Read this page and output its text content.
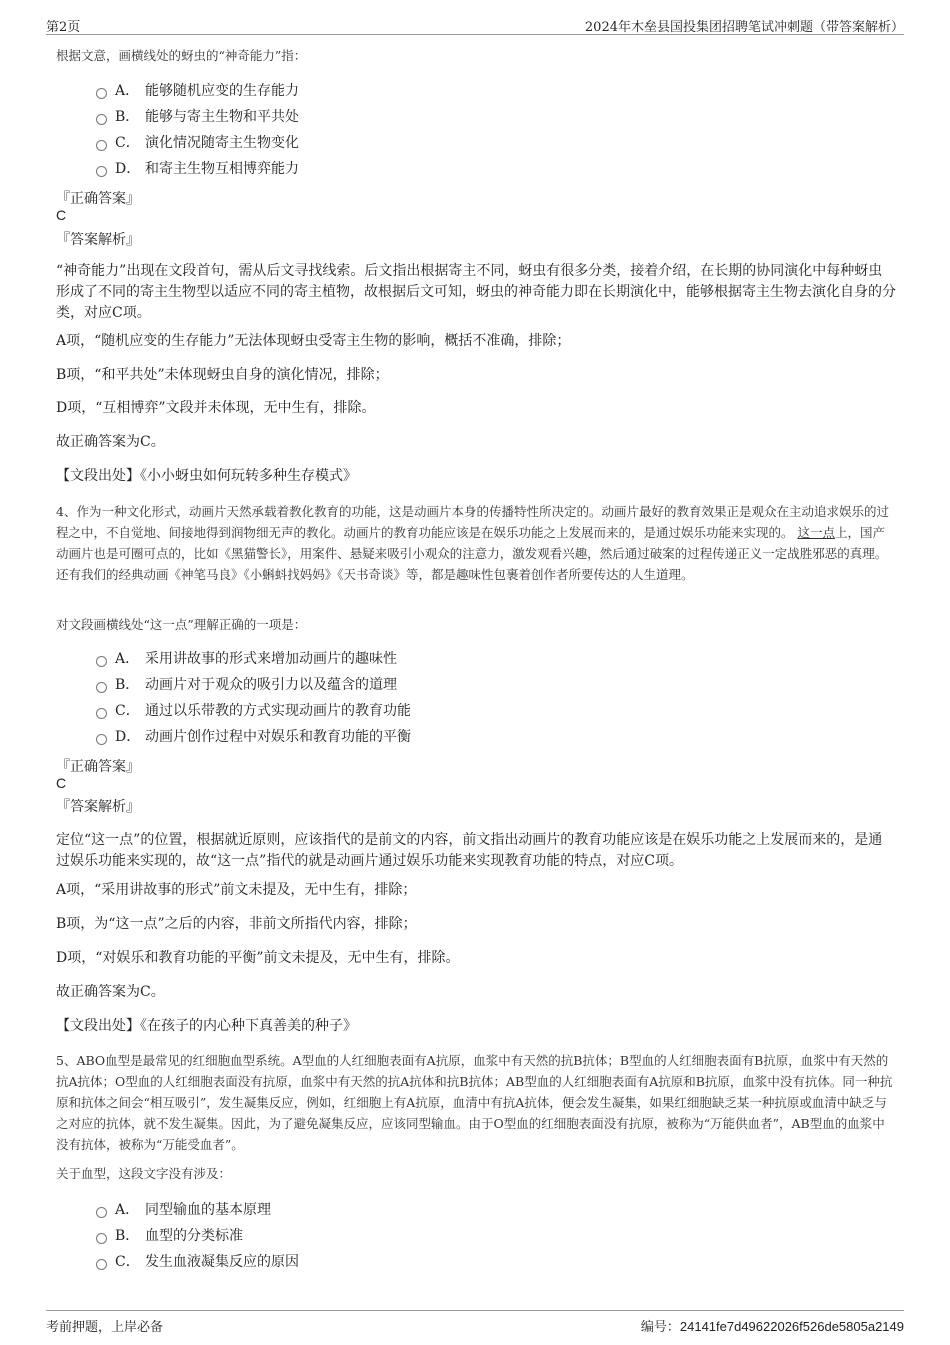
第2页	2024年木垒县国投集团招聘笔试冲刺题（带答案解析）
根据文意，画横线处的蚜虫的“神奇能力”指：
A． 能够随机应变的生存能力
B． 能够与寄主生物和平共处
C． 演化情况随寄主生物变化
D． 和寄主生物互相博弈能力
『正确答案』
C
『答案解析』
“神奇能力”出现在文段首句，需从后文寻找线索。后文指出根据寄主不同，蚜虫有很多分类，接着介绍，在长期的协同演化中每种蚜虫形成了不同的寄主生物型以适应不同的寄主植物，故根据后文可知，蚜虫的神奇能力即在长期演化中，能够根据寄主生物去演化自身的分类，对应C项。
A项，“随机应变的生存能力”无法体现蚜虫受寄主生物的影响，概括不准确，排除；
B项，“和平共处”未体现蚜虫自身的演化情况，排除；
D项，“互相博弈”文段并未体现，无中生有，排除。
故正确答案为C。
【文段出处】《小小蚜虫如何玩转多种生存模式》
4、作为一种文化形式，动画片天然承载着教化教育的功能，这是动画片本身的传播特性所决定的。动画片最好的教育效果正是观众在主动追求娱乐的过程之中，不自觉地、间接地得到润物细无声的教化。动画片的教育功能应该是在娱乐功能之上发展而来的，是通过娱乐功能来实现的。 这一点上，国产动画片也是可圈可点的，比如《黑猫警长》，用案件、悬疑来吸引小观众的注意力，激发观看兴趣，然后通过破案的过程传递正义一定战胜邪恶的真理。还有我们的经典动画《神笔马良》《小蝌蚪找妈妈》《天书奇谈》等，都是趣味性包裹着创作者所要传达的人生道理。
对文段画横线处“这一点”理解正确的一项是：
A． 采用讲故事的形式来增加动画片的趣味性
B． 动画片对于观众的吸引力以及蕴含的道理
C． 通过以乐带教的方式实现动画片的教育功能
D． 动画片创作过程中对娱乐和教育功能的平衡
『正确答案』
C
『答案解析』
定位“这一点”的位置，根据就近原则，应该指代的是前文的内容，前文指出动画片的教育功能应该是在娱乐功能之上发展而来的，是通过娱乐功能来实现的，故“这一点”指代的就是动画片通过娱乐功能来实现教育功能的特点，对应C项。
A项，“采用讲故事的形式”前文未提及，无中生有，排除；
B项，为“这一点”之后的内容，非前文所指代内容，排除；
D项，“对娱乐和教育功能的平衡”前文未提及，无中生有，排除。
故正确答案为C。
【文段出处】《在孩子的内心种下真善美的种子》
5、ABO血型是最常见的红细胞血型系统。A型血的人红细胞表面有A抗原，血浆中有天然的抗B抗体；B型血的人红细胞表面有B抗原，血浆中有天然的抗A抗体；O型血的人红细胞表面没有抗原，血浆中有天然的抗A抗体和抗B抗体；AB型血的人红细胞表面有A抗原和B抗原，血浆中没有抗体。同一种抗原和抗体之间会“相互吸引”，发生凝集反应，例如，红细胞上有A抗原，血清中有抗A抗体，便会发生凝集，如果红细胞缺乏某一种抗原或血清中缺乏与之对应的抗体，就不发生凝集。因此，为了避免凝集反应，应该同型输血。由于O型血的红细胞表面没有抗原，被称为“万能供血者”，AB型血的血浆中没有抗体，被称为“万能受血者”。
关于血型，这段文字没有涉及：
A． 同型输血的基本原理
B． 血型的分类标准
C． 发生血液凝集反应的原因
考前押题，上岸必备	编号：24141fe7d49622026f526de5805a2149
